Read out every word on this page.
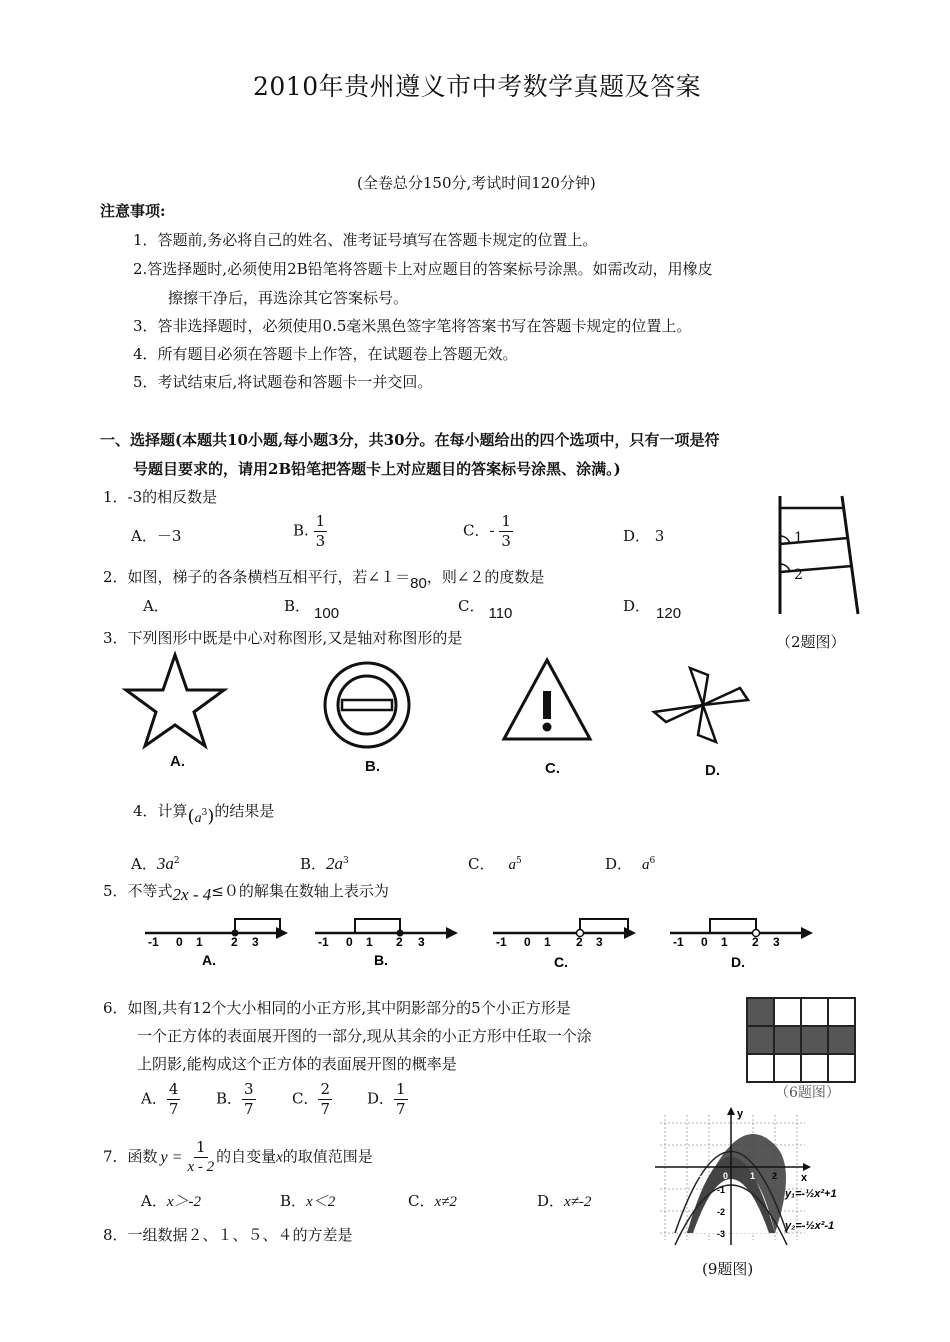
2010年贵州遵义市中考数学真题及答案
(全卷总分150分,考试时间120分钟)
注意事项:
1．答题前,务必将自己的姓名、准考证号填写在答题卡规定的位置上。
2.答选择题时,必须使用2B铅笔将答题卡上对应题目的答案标号涂黑。如需改动，用橡皮
擦擦干净后，再选涂其它答案标号。
3．答非选择题时，必须使用0.5毫米黑色签字笔将答案书写在答题卡规定的位置上。
4．所有题目必须在答题卡上作答，在试题卷上答题无效。
5．考试结束后,将试题卷和答题卡一并交回。
一、选择题(本题共10小题,每小题3分，共30分。在每小题给出的四个选项中，只有一项是符
号题目要求的，请用2B铅笔把答题卡上对应题目的答案标号涂黑、涂满。)
1．-3的相反数是
A．－3	B. $\frac{1}{3}$	C．- $\frac{1}{3}$	D． 3	1
2
（2题图）
2．如图，梯子的各条横档互相平行，若∠１＝80，则∠２的度数是
A．	B． 100	C． 110	D． 120
3．下列图形中既是中心对称图形,又是轴对称图形的是
A.	B.	C.	D.
4．计算$(a^3)$的结果是
A．$3a^2$	B．$2a^3$	C． $a^5$	D． $a^6$
5．不等式2x - 4≤０的解集在数轴上表示为
-1 0 1 2 3
A.
-1 0 1 2 3
B.
-1 0 1 2 3
C.
-1 0 1 2 3
D.
6．如图,共有12个大小相同的小正方形,其中阴影部分的5个小正方形是
一个正方体的表面展开图的一部分,现从其余的小正方形中任取一个涂
上阴影,能构成这个正方体的表面展开图的概率是
（6题图）
A． $\frac{4}{7}$ B． $\frac{3}{7}$ C． $\frac{2}{7}$ D． $\frac{1}{7}$	y
x
-2 -1 0 1 2
1
-1
-2
-3
y₁=-½x²+1
y₂=-½x²-1
(9题图)
7．函数 $y = \frac{1}{x - 2}$ 的自变量x的取值范围是
A．x＞-2	B．x＜2	C．x≠2	D．x≠-2
8．一组数据２、１、５、４的方差是
